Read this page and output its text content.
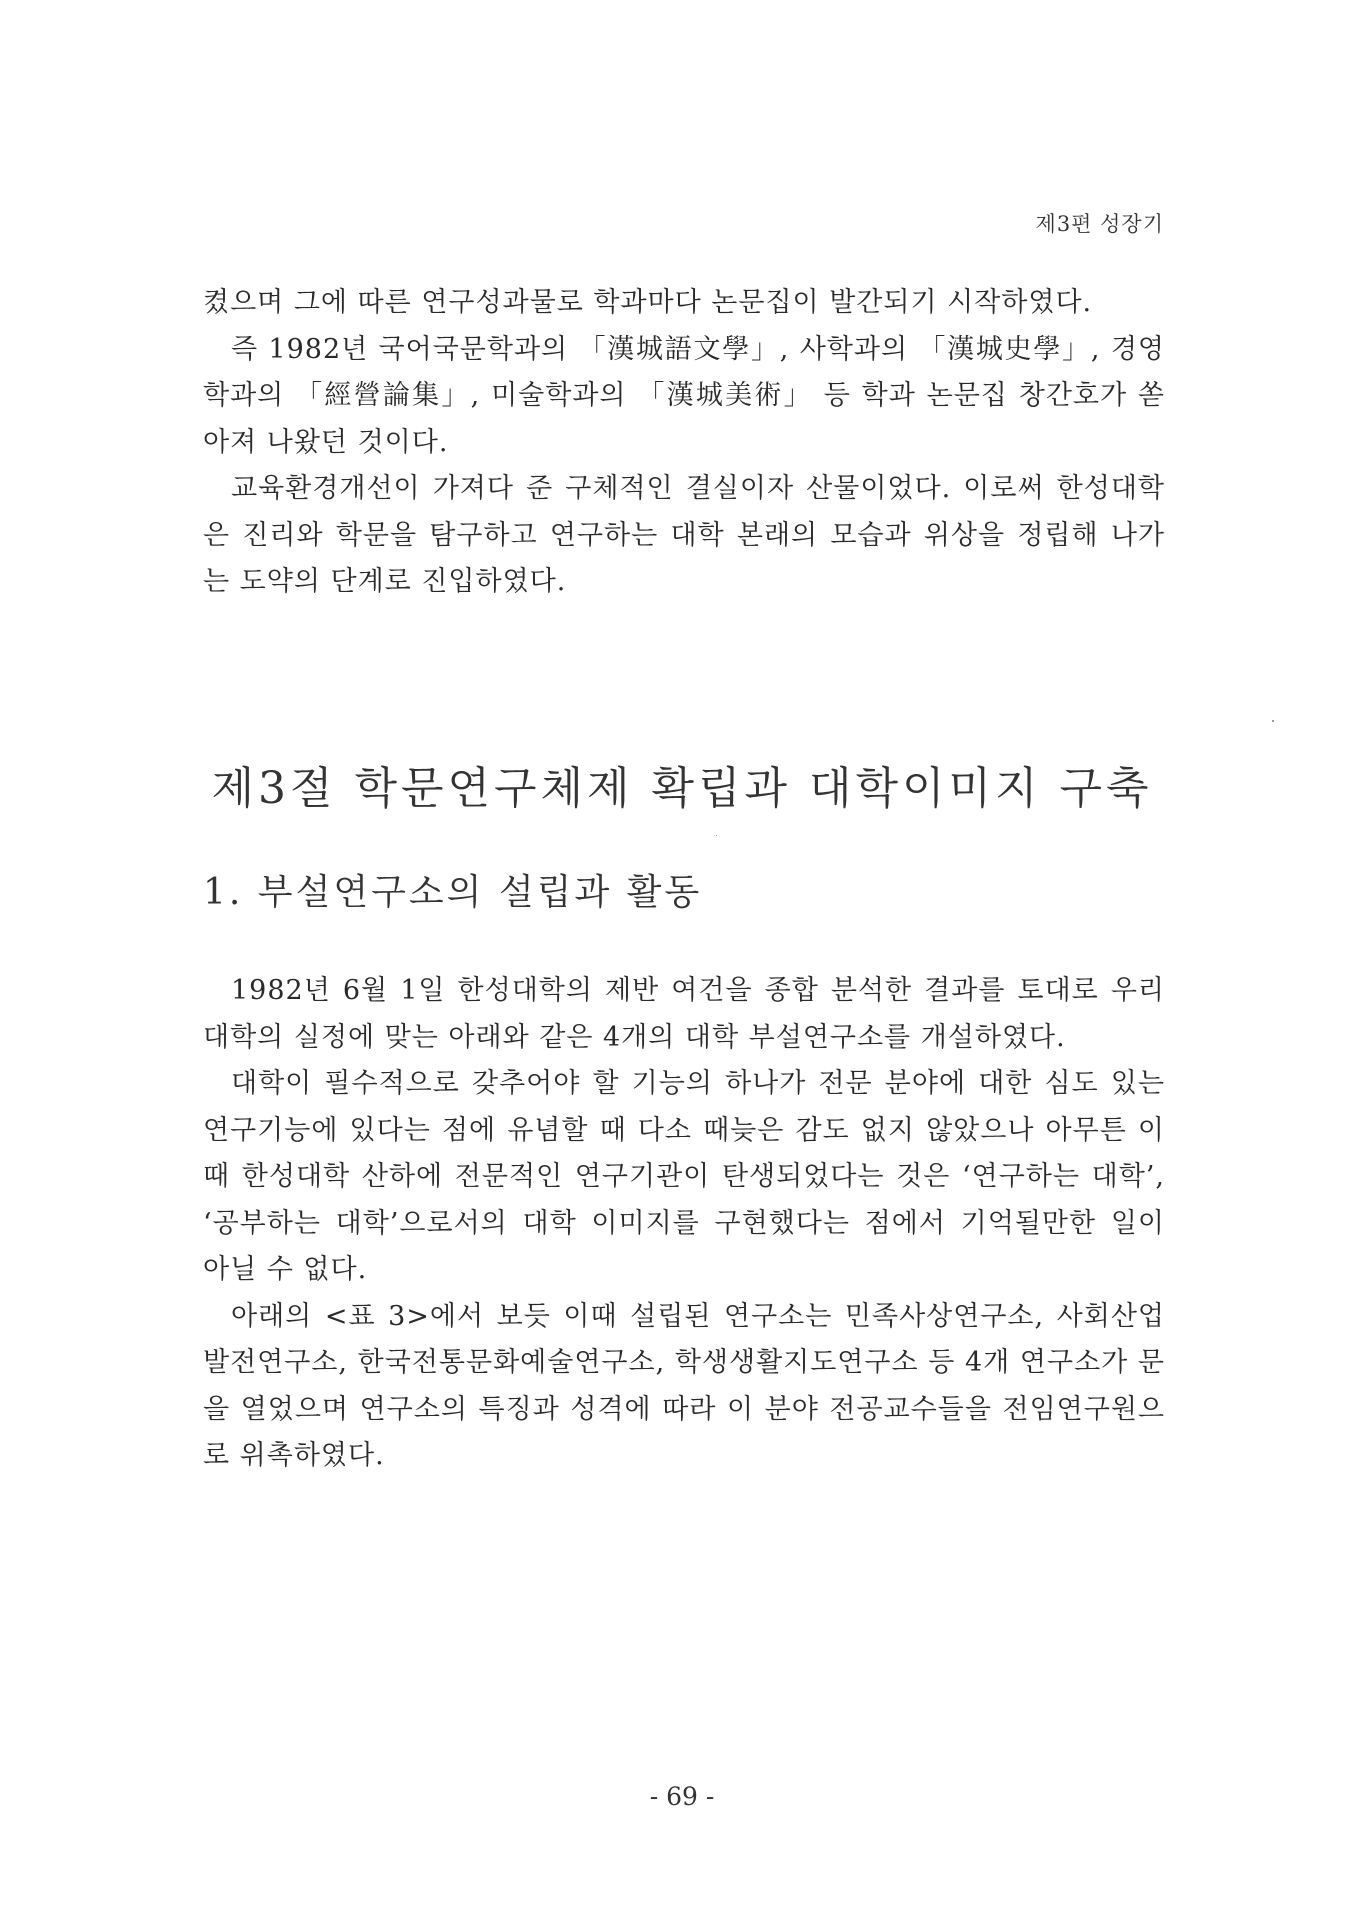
제3편 성장기

켰으며 그에 따른 연구성과물로 학과마다 논문집이 발간되기 시작하였다.

즉 1982년 국어국문학과의 「漢城語文學」, 사학과의 「漢城史學」, 경영학과의 「經營論集」, 미술학과의 「漢城美術」 등 학과 논문집 창간호가 쏟아져 나왔던 것이다.

교육환경개선이 가져다 준 구체적인 결실이자 산물이었다. 이로써 한성대학은 진리와 학문을 탐구하고 연구하는 대학 본래의 모습과 위상을 정립해 나가는 도약의 단계로 진입하였다.

제3절 학문연구체제 확립과 대학이미지 구축
1. 부설연구소의 설립과 활동

1982년 6월 1일 한성대학의 제반 여건을 종합 분석한 결과를 토대로 우리대학의 실정에 맞는 아래와 같은 4개의 대학 부설연구소를 개설하였다.

대학이 필수적으로 갖추어야 할 기능의 하나가 전문 분야에 대한 심도 있는 연구기능에 있다는 점에 유념할 때 다소 때늦은 감도 없지 않았으나 아무튼 이 때 한성대학 산하에 전문적인 연구기관이 탄생되었다는 것은 ‘연구하는 대학’, ‘공부하는 대학’으로서의 대학 이미지를 구현했다는 점에서 기억될만한 일이 아닐 수 없다.

아래의 <표 3>에서 보듯 이때 설립된 연구소는 민족사상연구소, 사회산업발전연구소, 한국전통문화예술연구소, 학생생활지도연구소 등 4개 연구소가 문을 열었으며 연구소의 특징과 성격에 따라 이 분야 전공교수들을 전임연구원으로 위촉하였다.

- 69 -
